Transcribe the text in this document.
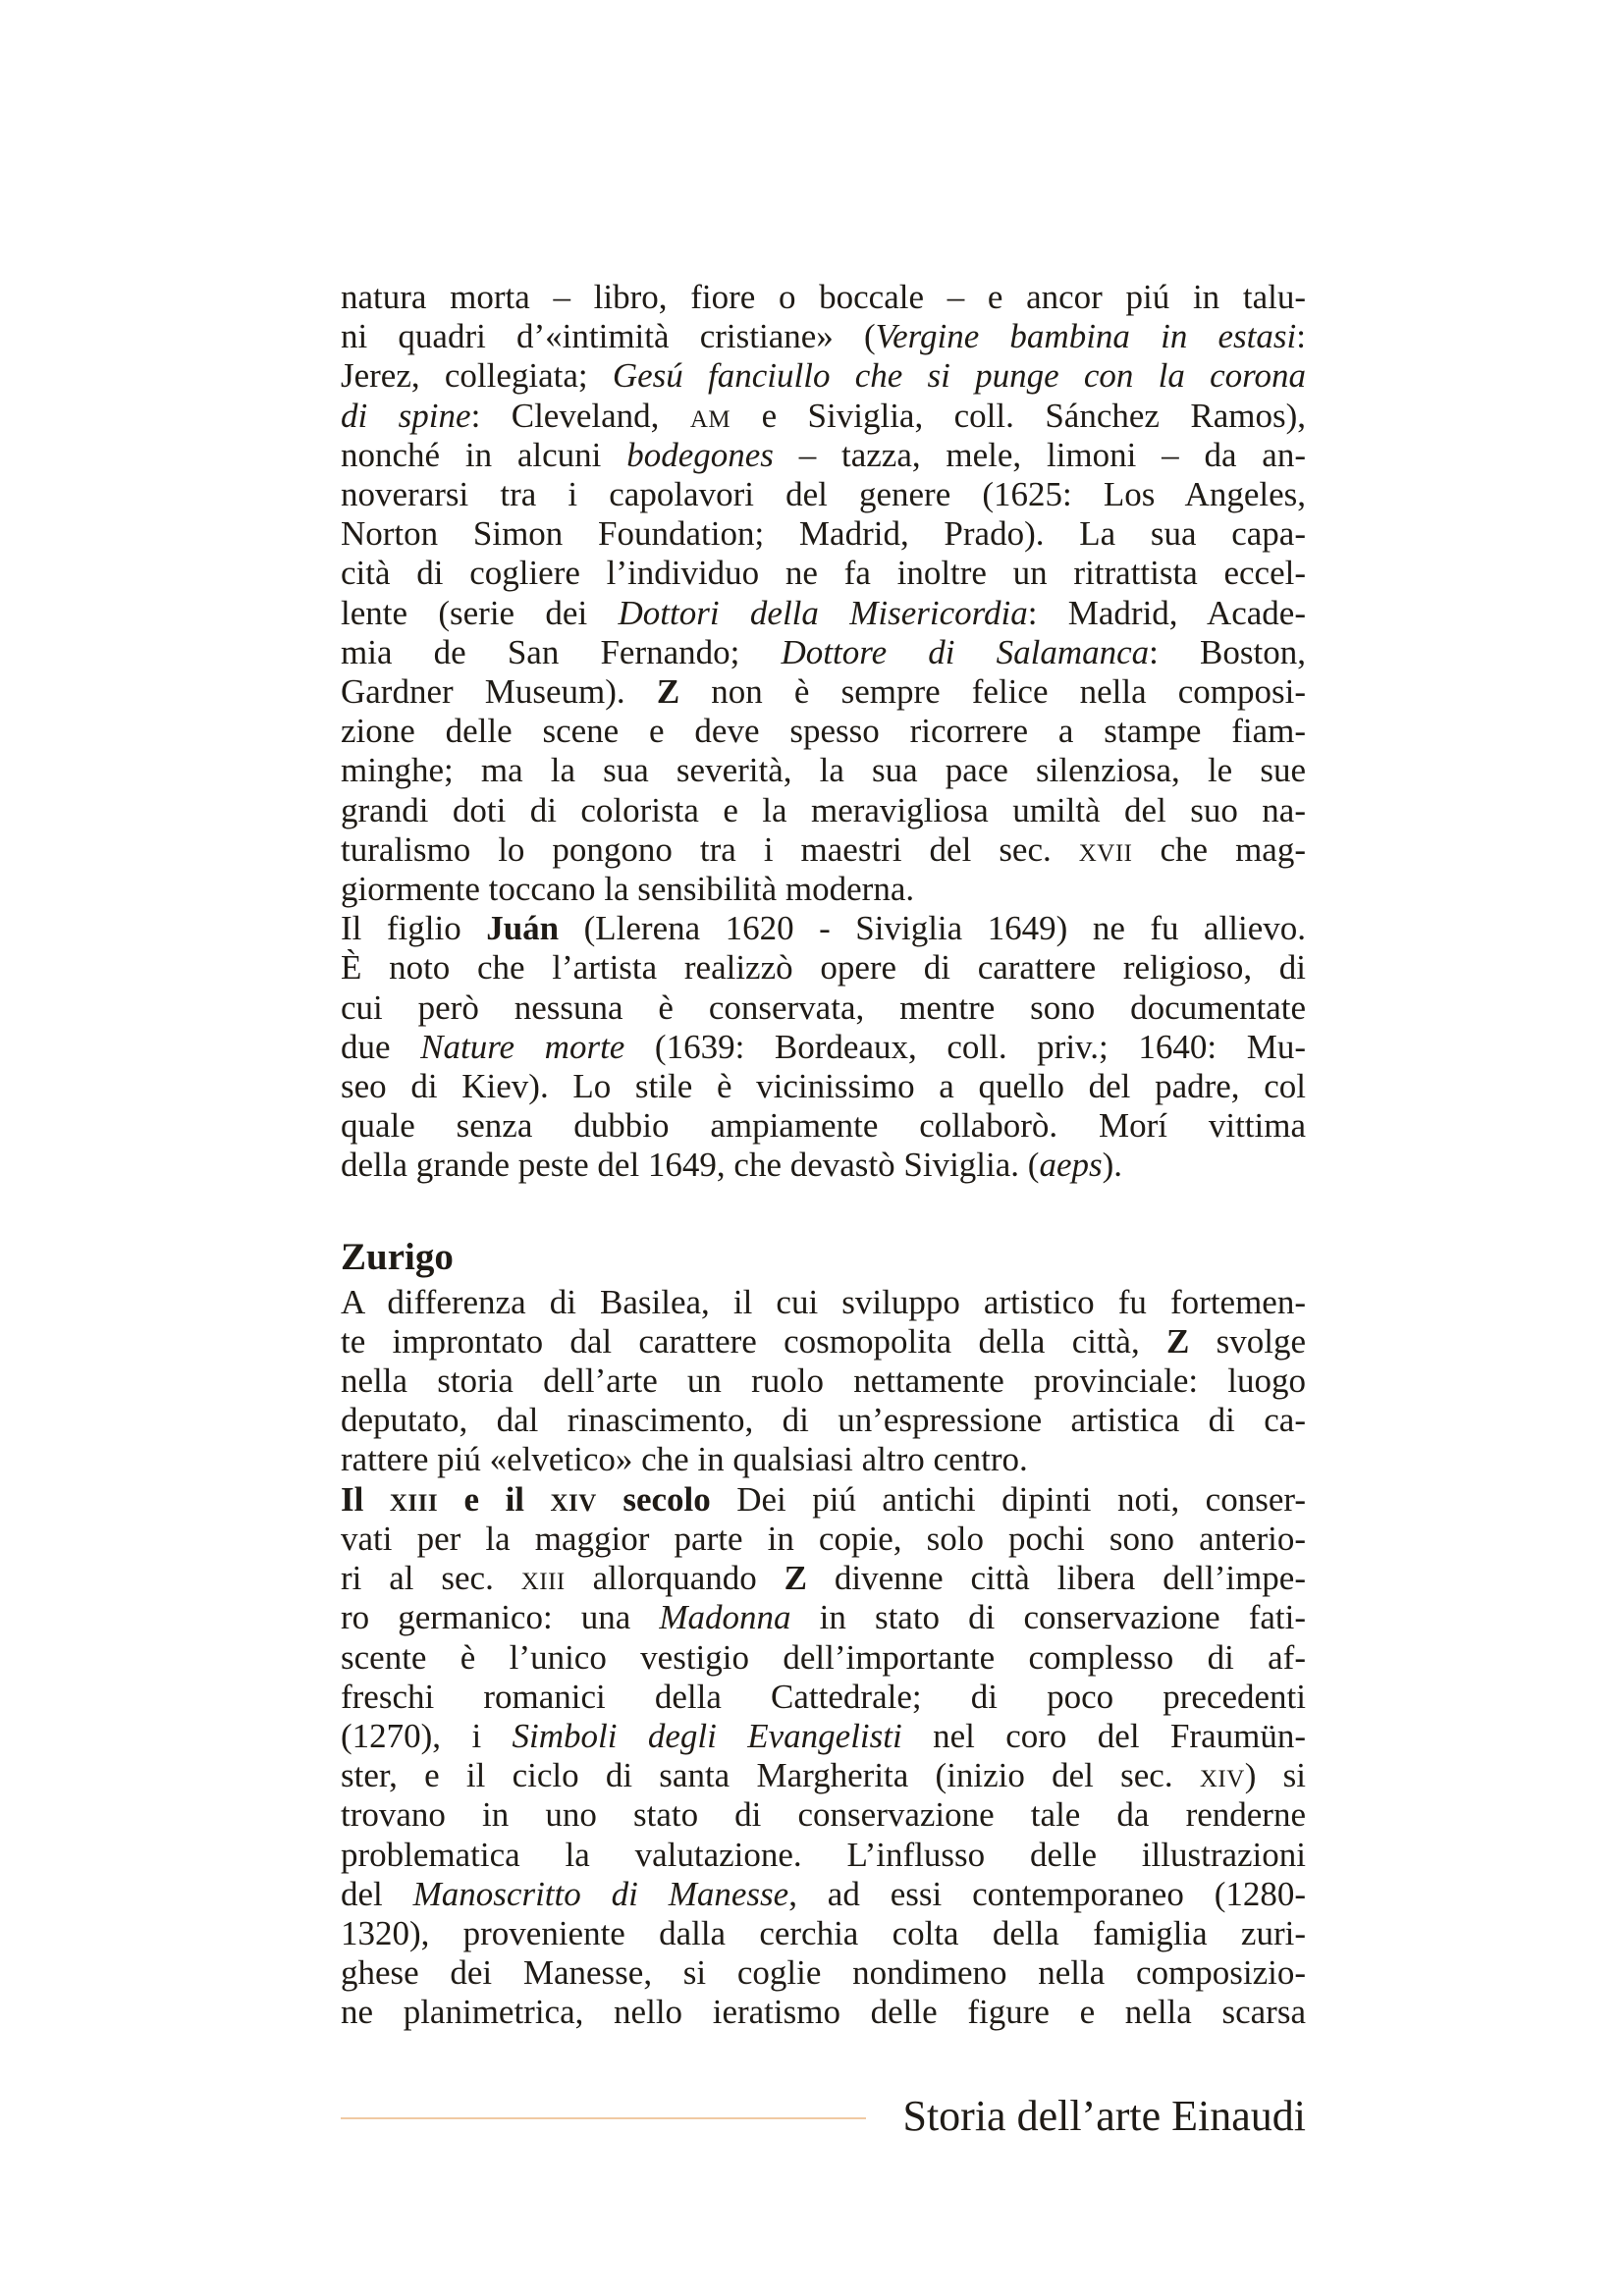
natura morta – libro, fiore o boccale – e ancor piú in talu-
ni quadri d’«intimità cristiane» (Vergine bambina in estasi:
Jerez, collegiata; Gesú fanciullo che si punge con la corona
di spine: Cleveland, am e Siviglia, coll. Sánchez Ramos),
nonché in alcuni bodegones – tazza, mele, limoni – da an-
noverarsi tra i capolavori del genere (1625: Los Angeles,
Norton Simon Foundation; Madrid, Prado). La sua capa-
cità di cogliere l’individuo ne fa inoltre un ritrattista eccel-
lente (serie dei Dottori della Misericordia: Madrid, Acade-
mia de San Fernando; Dottore di Salamanca: Boston,
Gardner Museum). Z non è sempre felice nella composi-
zione delle scene e deve spesso ricorrere a stampe fiam-
minghe; ma la sua severità, la sua pace silenziosa, le sue
grandi doti di colorista e la meravigliosa umiltà del suo na-
turalismo lo pongono tra i maestri del sec. xvii che mag-
giormente toccano la sensibilità moderna.
Il figlio Juán (Llerena 1620 - Siviglia 1649) ne fu allievo.
È noto che l’artista realizzò opere di carattere religioso, di
cui però nessuna è conservata, mentre sono documentate
due Nature morte (1639: Bordeaux, coll. priv.; 1640: Mu-
seo di Kiev). Lo stile è vicinissimo a quello del padre, col
quale senza dubbio ampiamente collaborò. Morí vittima
della grande peste del 1649, che devastò Siviglia. (aeps).
Zurigo
A differenza di Basilea, il cui sviluppo artistico fu fortemen-
te improntato dal carattere cosmopolita della città, Z svolge
nella storia dell’arte un ruolo nettamente provinciale: luogo
deputato, dal rinascimento, di un’espressione artistica di ca-
rattere piú «elvetico» che in qualsiasi altro centro.
Il xiii e il xiv secolo Dei piú antichi dipinti noti, conser-
vati per la maggior parte in copie, solo pochi sono anterio-
ri al sec. xiii allorquando Z divenne città libera dell’impe-
ro germanico: una Madonna in stato di conservazione fati-
scente è l’unico vestigio dell’importante complesso di af-
freschi romanici della Cattedrale; di poco precedenti
(1270), i Simboli degli Evangelisti nel coro del Fraumün-
ster, e il ciclo di santa Margherita (inizio del sec. xiv) si
trovano in uno stato di conservazione tale da renderne
problematica la valutazione. L’influsso delle illustrazioni
del Manoscritto di Manesse, ad essi contemporaneo (1280-
1320), proveniente dalla cerchia colta della famiglia zuri-
ghese dei Manesse, si coglie nondimeno nella composizio-
ne planimetrica, nello ieratismo delle figure e nella scarsa
Storia dell’arte Einaudi
